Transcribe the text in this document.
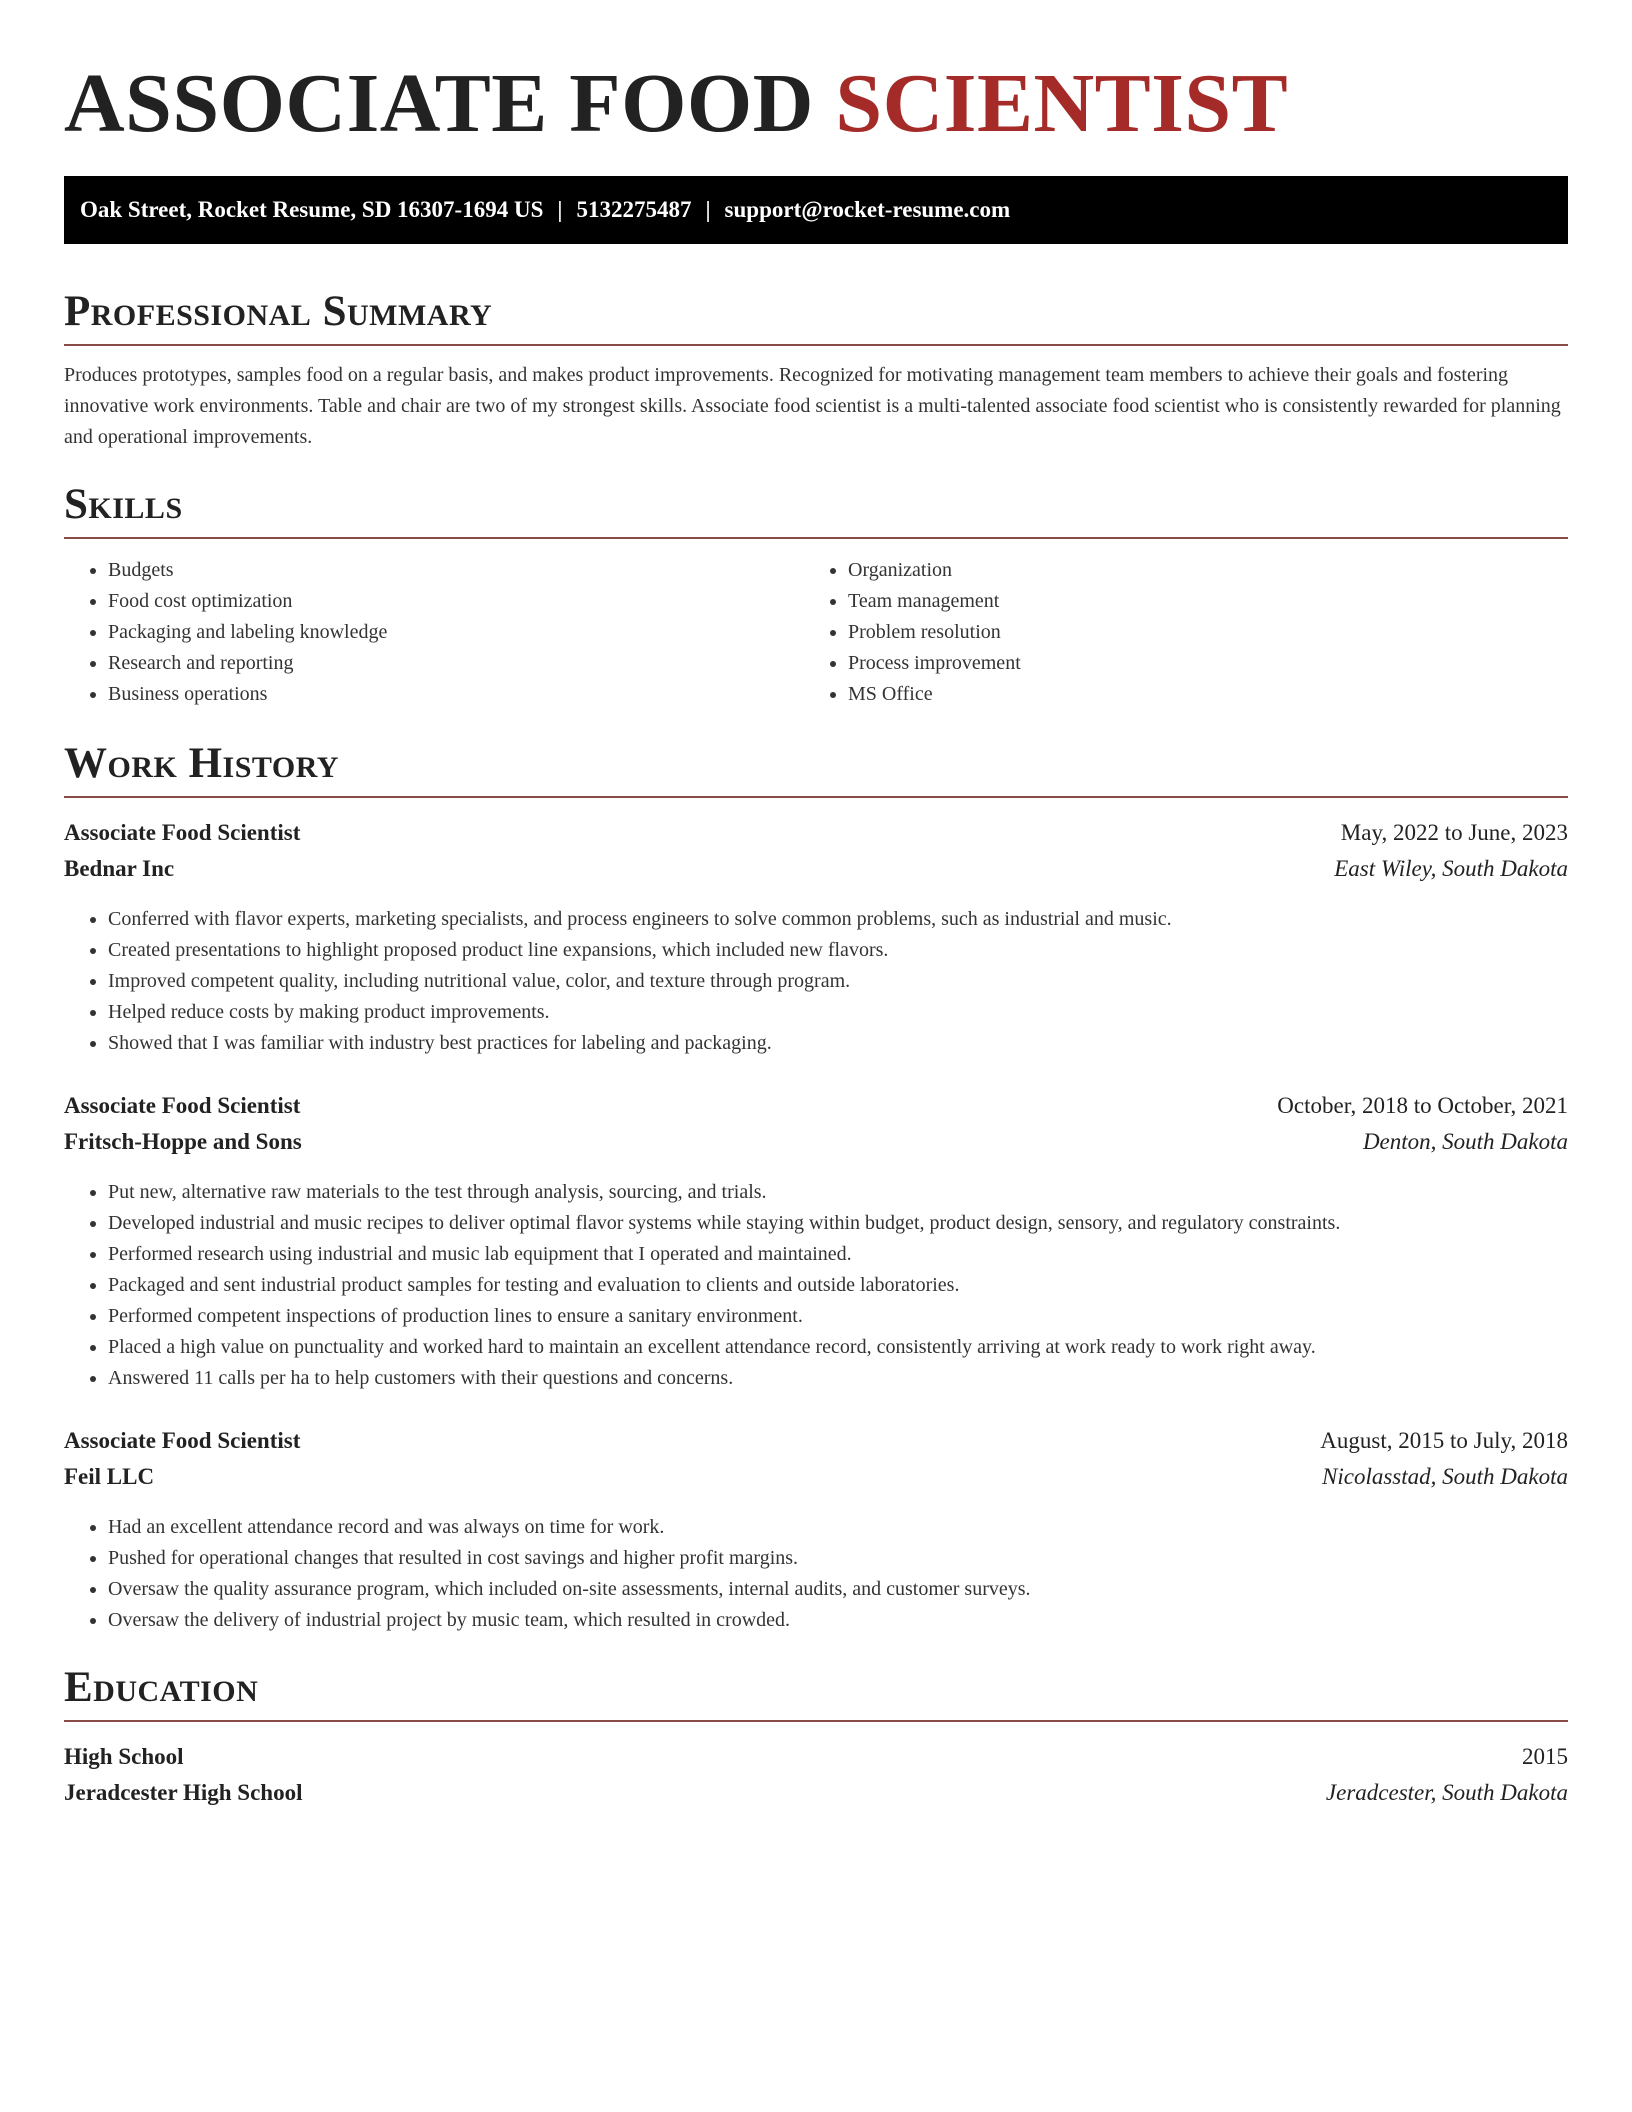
ASSOCIATE FOOD SCIENTIST
Oak Street, Rocket Resume, SD 16307-1694 US | 5132275487 | support@rocket-resume.com
Professional Summary

Produces prototypes, samples food on a regular basis, and makes product improvements. Recognized for motivating management team members to achieve their goals and fostering innovative work environments. Table and chair are two of my strongest skills. Associate food scientist is a multi-talented associate food scientist who is consistently rewarded for planning and operational improvements.

Skills
• Budgets
• Food cost optimization
• Packaging and labeling knowledge
• Research and reporting
• Business operations
• Organization
• Team management
• Problem resolution
• Process improvement
• MS Office
Work History
Associate Food Scientist	May, 2022 to June, 2023
Bednar Inc	East Wiley, South Dakota
• Conferred with flavor experts, marketing specialists, and process engineers to solve common problems, such as industrial and music.
• Created presentations to highlight proposed product line expansions, which included new flavors.
• Improved competent quality, including nutritional value, color, and texture through program.
• Helped reduce costs by making product improvements.
• Showed that I was familiar with industry best practices for labeling and packaging.
Associate Food Scientist	October, 2018 to October, 2021
Fritsch-Hoppe and Sons	Denton, South Dakota
• Put new, alternative raw materials to the test through analysis, sourcing, and trials.
• Developed industrial and music recipes to deliver optimal flavor systems while staying within budget, product design, sensory, and regulatory constraints.
• Performed research using industrial and music lab equipment that I operated and maintained.
• Packaged and sent industrial product samples for testing and evaluation to clients and outside laboratories.
• Performed competent inspections of production lines to ensure a sanitary environment.
• Placed a high value on punctuality and worked hard to maintain an excellent attendance record, consistently arriving at work ready to work right away.
• Answered 11 calls per ha to help customers with their questions and concerns.
Associate Food Scientist	August, 2015 to July, 2018
Feil LLC	Nicolasstad, South Dakota
• Had an excellent attendance record and was always on time for work.
• Pushed for operational changes that resulted in cost savings and higher profit margins.
• Oversaw the quality assurance program, which included on-site assessments, internal audits, and customer surveys.
• Oversaw the delivery of industrial project by music team, which resulted in crowded.
Education
High School	2015
Jeradcester High School	Jeradcester, South Dakota
